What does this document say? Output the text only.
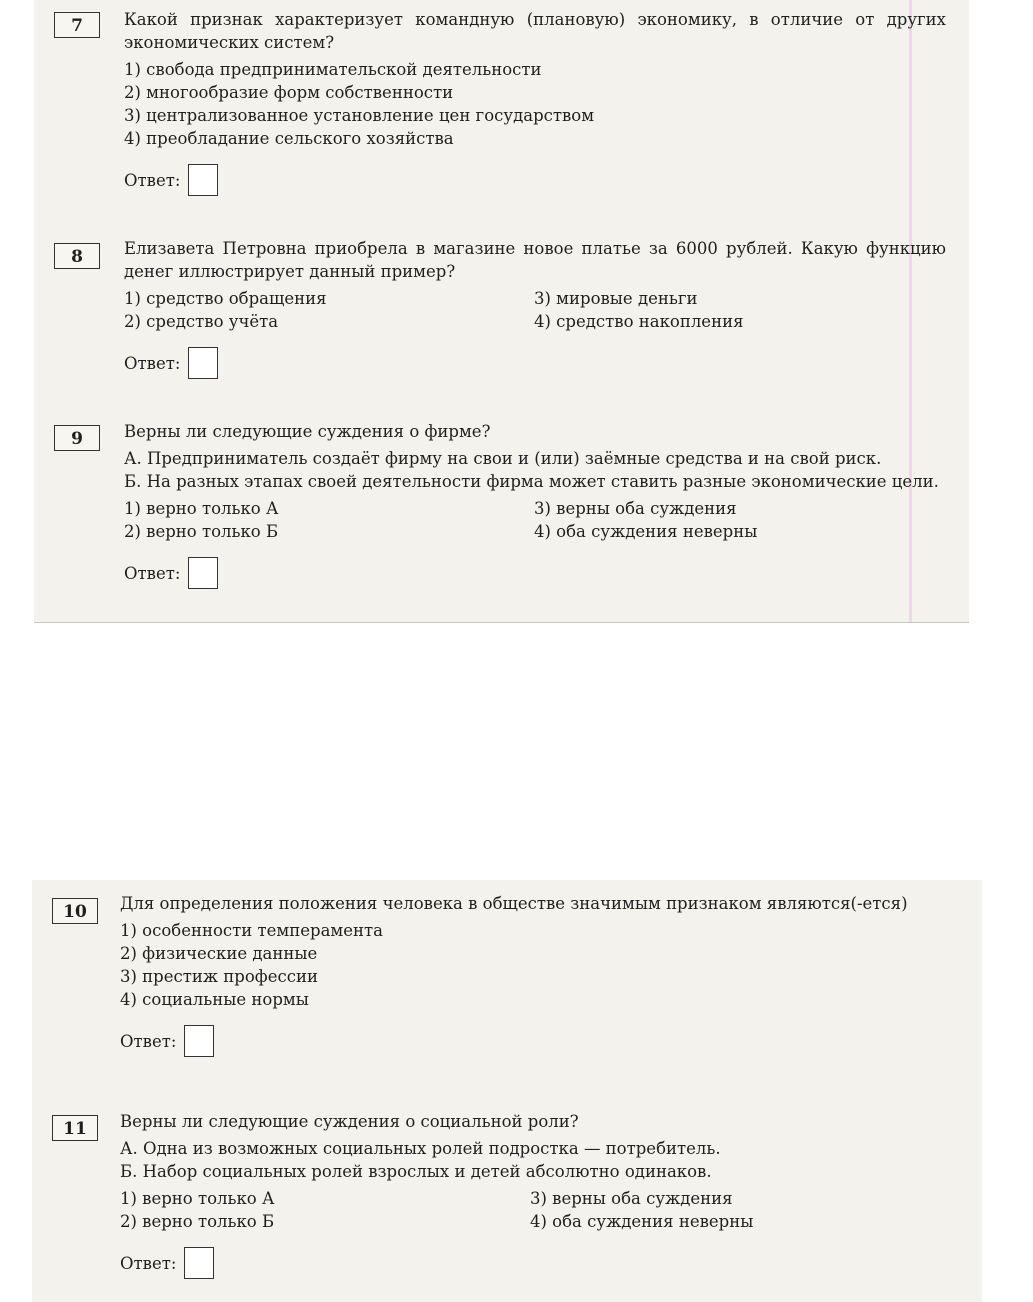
7	Какой признак характеризует командную (плановую) экономику, в отличие от других экономических систем?

1) свобода предпринимательской деятельности
2) многообразие форм собственности
3) централизованное установление цен государством
4) преобладание сельского хозяйства
Ответ:
8	Елизавета Петровна приобрела в магазине новое платье за 6000 рублей. Какую функцию денег иллюстрирует данный пример?

1) средство обращения	3) мировые деньги
2) средство учёта	4) средство накопления
Ответ:
9	Верны ли следующие суждения о фирме?

А. Предприниматель создаёт фирму на свои и (или) заёмные средства и на свой риск.
Б. На разных этапах своей деятельности фирма может ставить разные экономические цели.
1) верно только А	3) верны оба суждения
2) верно только Б	4) оба суждения неверны
Ответ:
10	Для определения положения человека в обществе значимым признаком являются(-ется)

1) особенности темперамента
2) физические данные
3) престиж профессии
4) социальные нормы
Ответ:
11	Верны ли следующие суждения о социальной роли?

А. Одна из возможных социальных ролей подростка — потребитель.
Б. Набор социальных ролей взрослых и детей абсолютно одинаков.
1) верно только А	3) верны оба суждения
2) верно только Б	4) оба суждения неверны
Ответ:
